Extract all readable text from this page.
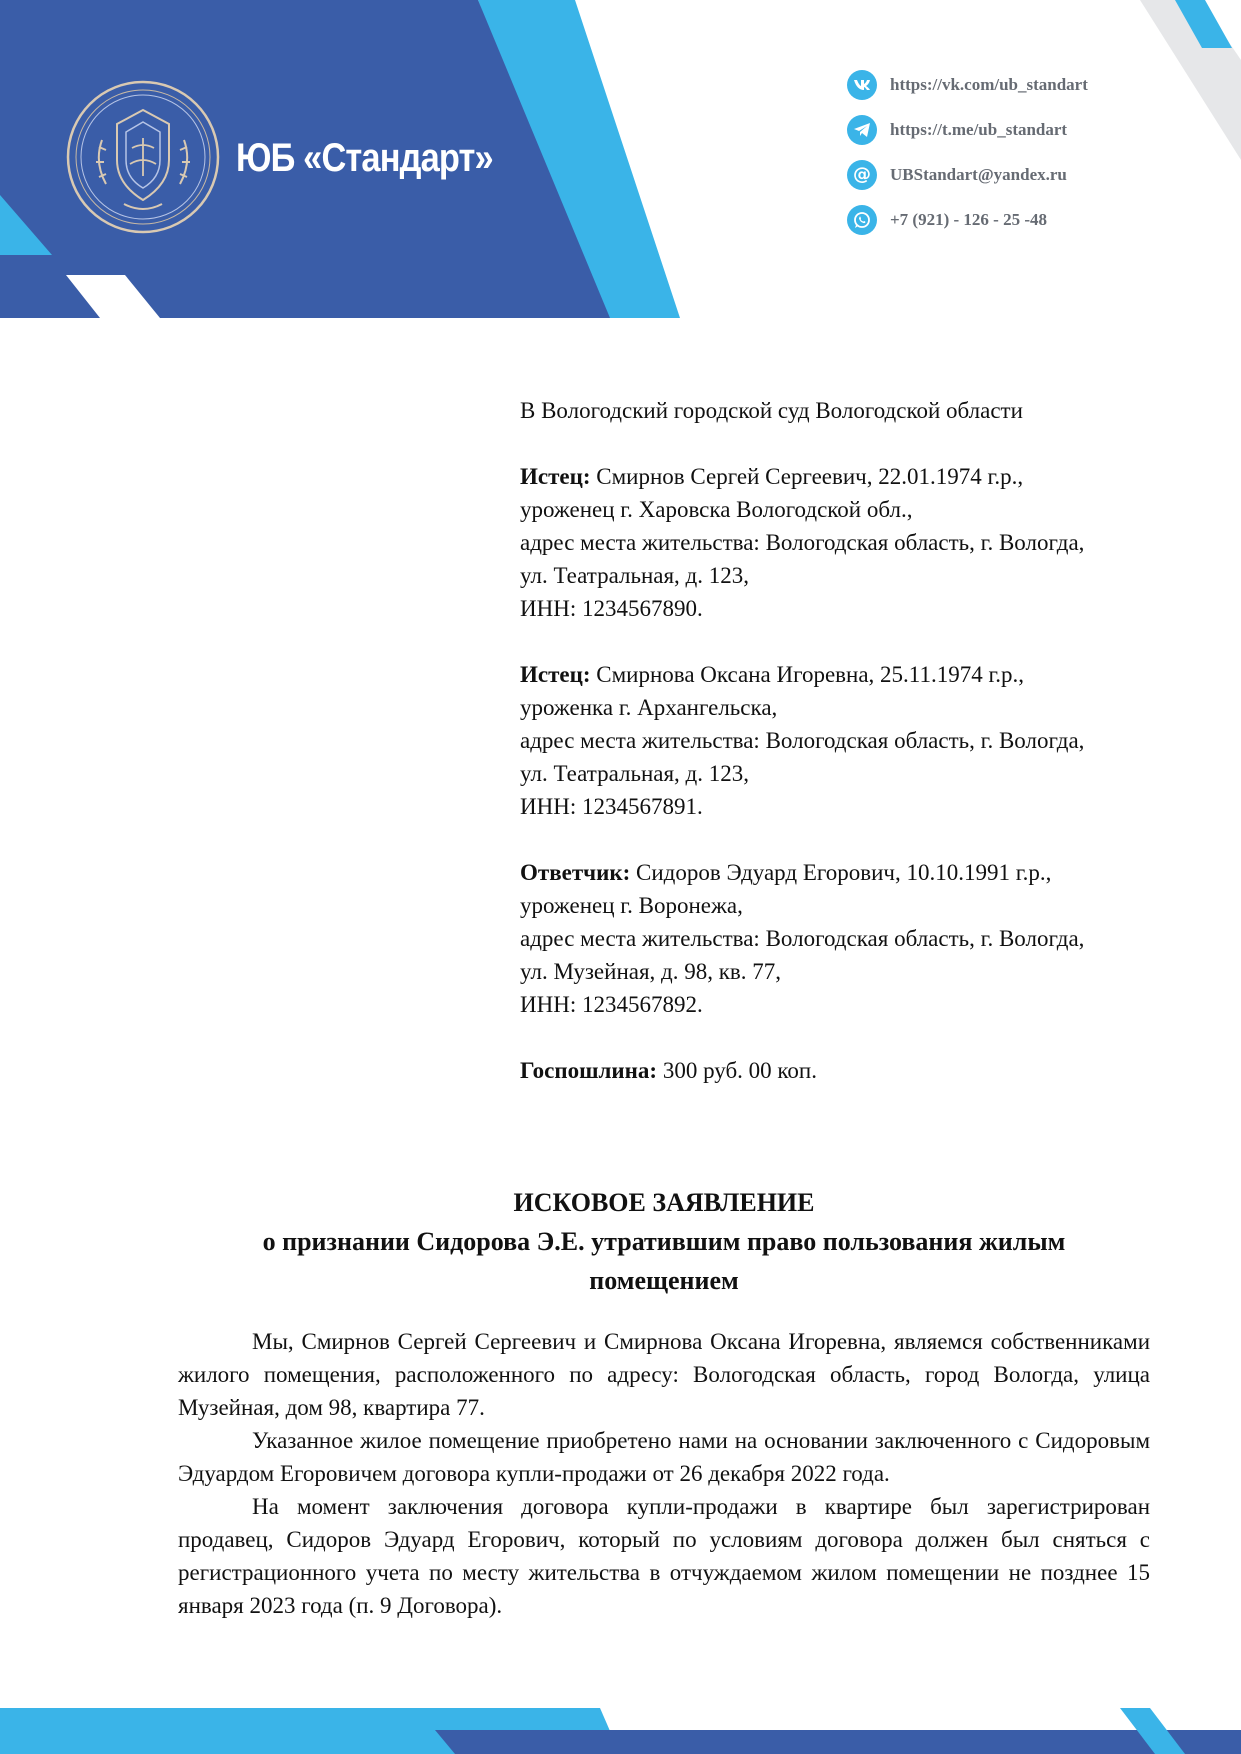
ЮБ «Стандарт»
https://vk.com/ub_standart
https://t.me/ub_standart
@ UBStandart@yandex.ru
+7 (921) - 126 - 25 -48

В Вологодский городской суд Вологодской области

Истец: Смирнов Сергей Сергеевич, 22.01.1974 г.р.,

уроженец г. Харовска Вологодской обл.,

адрес места жительства: Вологодская область, г. Вологда,

ул. Театральная, д. 123,

ИНН: 1234567890.

Истец: Смирнова Оксана Игоревна, 25.11.1974 г.р.,

уроженка г. Архангельска,

адрес места жительства: Вологодская область, г. Вологда,

ул. Театральная, д. 123,

ИНН: 1234567891.

Ответчик: Сидоров Эдуард Егорович, 10.10.1991 г.р.,

уроженец г. Воронежа,

адрес места жительства: Вологодская область, г. Вологда,

ул. Музейная, д. 98, кв. 77,

ИНН: 1234567892.

Госпошлина: 300 руб. 00 коп.

ИСКОВОЕ ЗАЯВЛЕНИЕ
о признании Сидорова Э.Е. утратившим право пользования жилым
помещением

Мы, Смирнов Сергей Сергеевич и Смирнова Оксана Игоревна, являемся собственниками жилого помещения, расположенного по адресу: Вологодская область, город Вологда, улица Музейная, дом 98, квартира 77.

Указанное жилое помещение приобретено нами на основании заключенного с Сидоровым Эдуардом Егоровичем договора купли-продажи от 26 декабря 2022 года.

На момент заключения договора купли-продажи в квартире был зарегистрирован продавец, Сидоров Эдуард Егорович, который по условиям договора должен был сняться с регистрационного учета по месту жительства в отчуждаемом жилом помещении не позднее 15 января 2023 года (п. 9 Договора).
